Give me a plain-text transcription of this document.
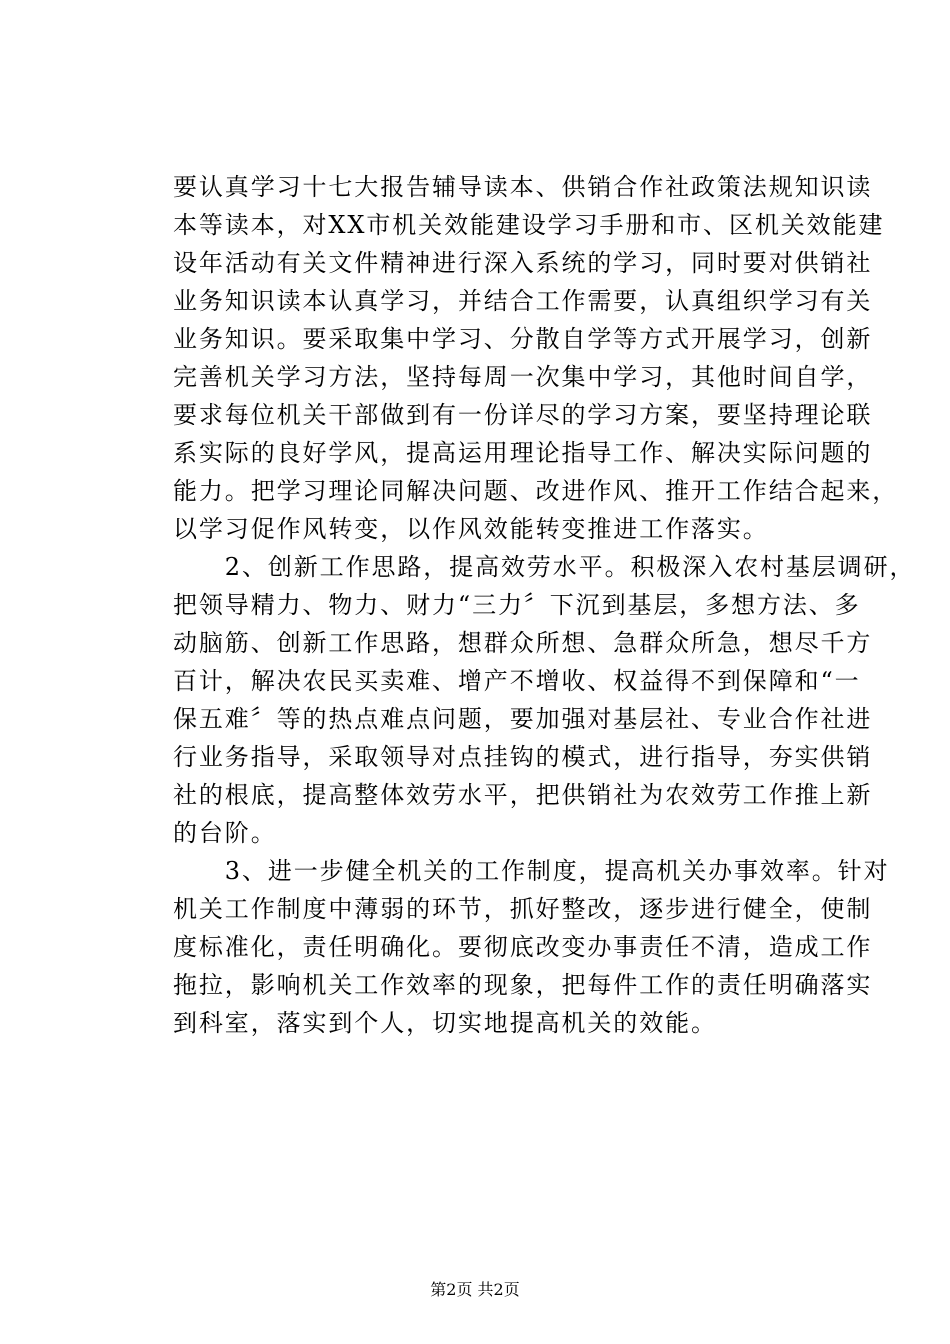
要认真学习十七大报告辅导读本、供销合作社政策法规知识读
本等读本，对XX市机关效能建设学习手册和市、区机关效能建
设年活动有关文件精神进行深入系统的学习，同时要对供销社
业务知识读本认真学习，并结合工作需要，认真组织学习有关
业务知识。要采取集中学习、分散自学等方式开展学习，创新
完善机关学习方法，坚持每周一次集中学习，其他时间自学，
要求每位机关干部做到有一份详尽的学习方案，要坚持理论联
系实际的良好学风，提高运用理论指导工作、解决实际问题的
能力。把学习理论同解决问题、改进作风、推开工作结合起来，
以学习促作风转变，以作风效能转变推进工作落实。
　　2、创新工作思路，提高效劳水平。积极深入农村基层调研，
把领导精力、物力、财力“三力〞下沉到基层，多想方法、多
动脑筋、创新工作思路，想群众所想、急群众所急，想尽千方
百计，解决农民买卖难、增产不增收、权益得不到保障和“一
保五难〞等的热点难点问题，要加强对基层社、专业合作社进
行业务指导，采取领导对点挂钩的模式，进行指导，夯实供销
社的根底，提高整体效劳水平，把供销社为农效劳工作推上新
的台阶。
　　3、进一步健全机关的工作制度，提高机关办事效率。针对
机关工作制度中薄弱的环节，抓好整改，逐步进行健全，使制
度标准化，责任明确化。要彻底改变办事责任不清，造成工作
拖拉，影响机关工作效率的现象，把每件工作的责任明确落实
到科室，落实到个人，切实地提高机关的效能。
第2页 共2页
